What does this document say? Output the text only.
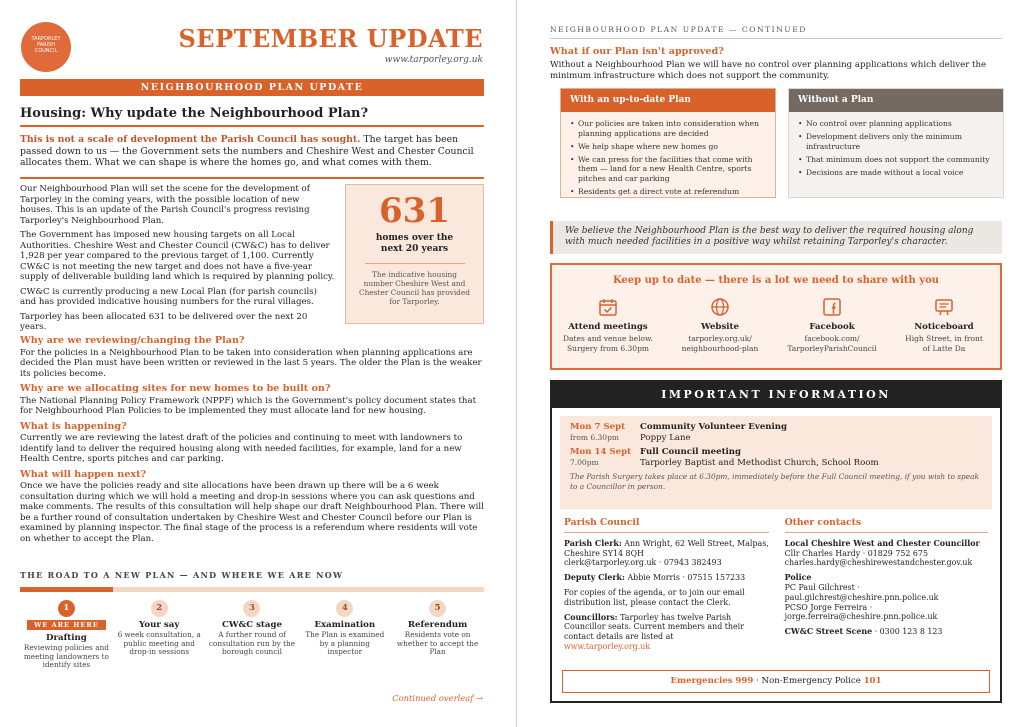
TARPORLEY
PARISH
COUNCIL	SEPTEMBER UPDATE
www.tarporley.org.uk
NEIGHBOURHOOD PLAN UPDATE
Housing: Why update the Neighbourhood Plan?
This is not a scale of development the Parish Council has sought. The target has been passed down to us — the Government sets the numbers and Cheshire West and Chester Council allocates them. What we can shape is where the homes go, and what comes with them.

Our Neighbourhood Plan will set the scene for the development of Tarporley in the coming years, with the possible location of new houses. This is an update of the Parish Council's progress revising Tarporley's Neighbourhood Plan.

The Government has imposed new housing targets on all Local Authorities. Cheshire West and Chester Council (CW&C) has to deliver 1,928 per year compared to the previous target of 1,100. Currently CW&C is not meeting the new target and does not have a five-year supply of deliverable building land which is required by planning policy.

CW&C is currently producing a new Local Plan (for parish councils) and has provided indicative housing numbers for the rural villages.

Tarporley has been allocated 631 to be delivered over the next 20 years.

631
homes over the next 20 years
The indicative housing number Cheshire West and Chester Council has provided for Tarporley.
Why are we reviewing/changing the Plan?
For the policies in a Neighbourhood Plan to be taken into consideration when planning applications are decided the Plan must have been written or reviewed in the last 5 years. The older the Plan is the weaker its policies become.
Why are we allocating sites for new homes to be built on?
The National Planning Policy Framework (NPPF) which is the Government's policy document states that for Neighbourhood Plan Policies to be implemented they must allocate land for new housing.
What is happening?
Currently we are reviewing the latest draft of the policies and continuing to meet with landowners to identify land to deliver the required housing along with needed facilities, for example, land for a new Health Centre, sports pitches and car parking.
What will happen next?
Once we have the policies ready and site allocations have been drawn up there will be a 6 week consultation during which we will hold a meeting and drop-in sessions where you can ask questions and make comments. The results of this consultation will help shape our draft Neighbourhood Plan. There will be a further round of consultation undertaken by Cheshire West and Chester Council before our Plan is examined by planning inspector. The final stage of the process is a referendum where residents will vote on whether to accept the Plan.
THE ROAD TO A NEW PLAN — AND WHERE WE ARE NOW
1
WE ARE HERE
Drafting
Reviewing policies and meeting landowners to identify sites
2
Your say
6 week consultation, a public meeting and drop-in sessions
3
CW&C stage
A further round of consultation run by the borough council
4
Examination
The Plan is examined by a planning inspector
5
Referendum
Residents vote on whether to accept the Plan
Continued overleaf →
NEIGHBOURHOOD PLAN UPDATE — CONTINUED
What if our Plan isn't approved?
Without a Neighbourhood Plan we will have no control over planning applications which deliver the minimum infrastructure which does not support the community.
With an up-to-date Plan
• Our policies are taken into consideration when planning applications are decided
• We help shape where new homes go
• We can press for the facilities that come with them — land for a new Health Centre, sports pitches and car parking
• Residents get a direct vote at referendum
Without a Plan
• No control over planning applications
• Development delivers only the minimum infrastructure
• That minimum does not support the community
• Decisions are made without a local voice
We believe the Neighbourhood Plan is the best way to deliver the required housing along with much needed facilities in a positive way whilst retaining Tarporley's character.
Keep up to date — there is a lot we need to share with you
Attend meetings
Dates and venue below.
Surgery from 6.30pm
Website
tarporley.org.uk/
neighbourhood-plan
Facebook
facebook.com/
TarporleyParishCouncil
Noticeboard
High Street, in front
of Latte Da
IMPORTANT INFORMATION
Mon 7 Sept
from 6.30pm
Community Volunteer Evening
Poppy Lane
Mon 14 Sept
7.00pm
Full Council meeting
Tarporley Baptist and Methodist Church, School Room
The Parish Surgery takes place at 6.30pm, immediately before the Full Council meeting, if you wish to speak to a Councillor in person.
Parish Council
Parish Clerk: Ann Wright, 62 Well Street, Malpas, Cheshire SY14 8QH
clerk@tarporley.org.uk · 07943 382493
Deputy Clerk: Abbie Morris · 07515 157233
For copies of the agenda, or to join our email distribution list, please contact the Clerk.
Councillors: Tarporley has twelve Parish Councillor seats. Current members and their contact details are listed at
www.tarporley.org.uk
Other contacts
Local Cheshire West and Chester Councillor
Cllr Charles Hardy · 01829 752 675
charles.hardy@cheshirewestandchester.gov.uk
Police
PC Paul Gilchrest ·
paul.gilchrest@cheshire.pnn.police.uk
PCSO Jorge Ferreira ·
jorge.ferreira@cheshire.pnn.police.uk
CW&C Street Scene · 0300 123 8 123
Emergencies 999 · Non-Emergency Police 101
